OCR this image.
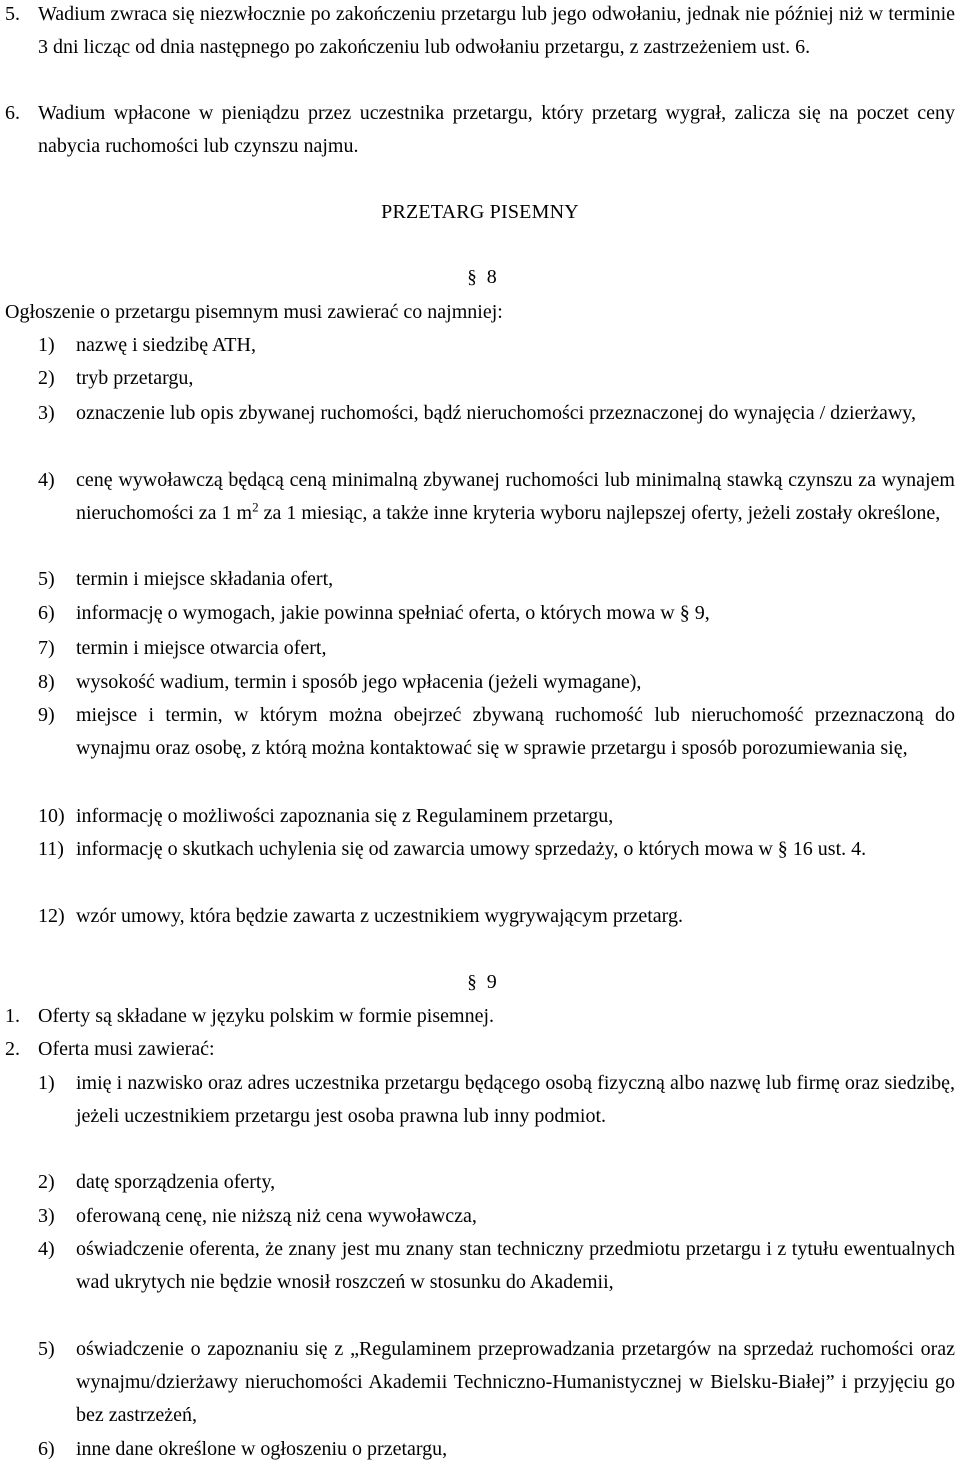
5. Wadium zwraca się niezwłocznie po zakończeniu przetargu lub jego odwołaniu, jednak nie później niż w terminie 3 dni licząc od dnia następnego po zakończeniu lub odwołaniu przetargu, z zastrzeżeniem ust. 6.
6. Wadium wpłacone w pieniądzu przez uczestnika przetargu, który przetarg wygrał, zalicza się na poczet ceny nabycia ruchomości lub czynszu najmu.
PRZETARG PISEMNY
§ 8
Ogłoszenie o przetargu pisemnym musi zawierać co najmniej:
1) nazwę i siedzibę ATH,
2) tryb przetargu,
3) oznaczenie lub opis zbywanej ruchomości, bądź nieruchomości przeznaczonej do wynajęcia / dzierżawy,
4) cenę wywoławczą będącą ceną minimalną zbywanej ruchomości lub minimalną stawką czynszu za wynajem nieruchomości za 1 $m^2$ za 1 miesiąc, a także inne kryteria wyboru najlepszej oferty, jeżeli zostały określone,
5) termin i miejsce składania ofert,
6) informację o wymogach, jakie powinna spełniać oferta, o których mowa w § 9,
7) termin i miejsce otwarcia ofert,
8) wysokość wadium, termin i sposób jego wpłacenia (jeżeli wymagane),
9) miejsce i termin, w którym można obejrzeć zbywaną ruchomość lub nieruchomość przeznaczoną do wynajmu oraz osobę, z którą można kontaktować się w sprawie przetargu i sposób porozumiewania się,
10) informację o możliwości zapoznania się z Regulaminem przetargu,
11) informację o skutkach uchylenia się od zawarcia umowy sprzedaży, o których mowa w § 16 ust. 4.
12) wzór umowy, która będzie zawarta z uczestnikiem wygrywającym przetarg.
§ 9
1. Oferty są składane w języku polskim w formie pisemnej.
2. Oferta musi zawierać:
1) imię i nazwisko oraz adres uczestnika przetargu będącego osobą fizyczną albo nazwę lub firmę oraz siedzibę, jeżeli uczestnikiem przetargu jest osoba prawna lub inny podmiot.
2) datę sporządzenia oferty,
3) oferowaną cenę, nie niższą niż cena wywoławcza,
4) oświadczenie oferenta, że znany jest mu znany stan techniczny przedmiotu przetargu i z tytułu ewentualnych wad ukrytych nie będzie wnosił roszczeń w stosunku do Akademii,
5) oświadczenie o zapoznaniu się z „Regulaminem przeprowadzania przetargów na sprzedaż ruchomości oraz wynajmu/dzierżawy nieruchomości Akademii Techniczno-Humanistycznej w Bielsku-Białej” i przyjęciu go bez zastrzeżeń,
6) inne dane określone w ogłoszeniu o przetargu,
